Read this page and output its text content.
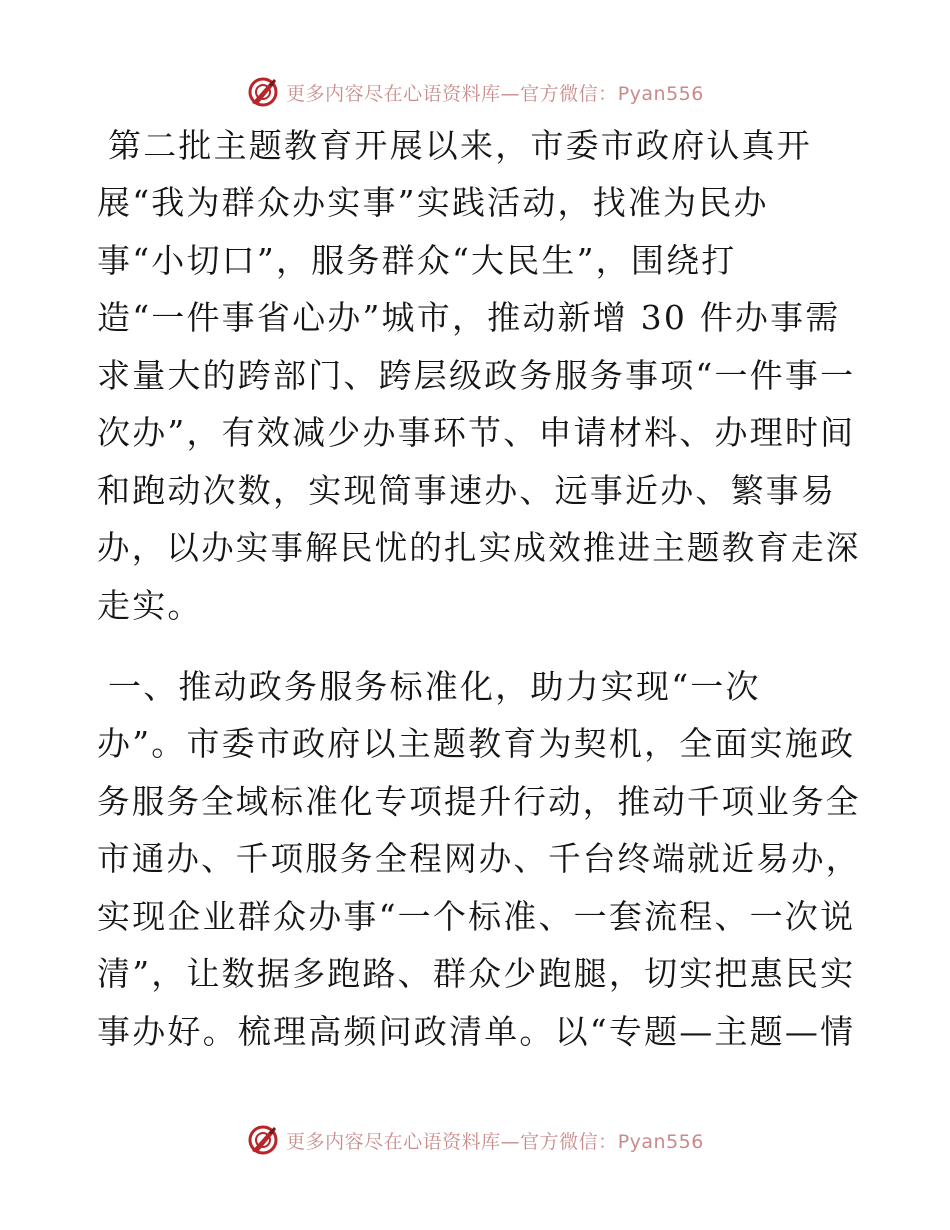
更多内容尽在心语资料库—官方微信：Pyan556
第二批主题教育开展以来，市委市政府认真开
展“我为群众办实事”实践活动，找准为民办
事“小切口”，服务群众“大民生”，围绕打
造“一件事省心办”城市，推动新增 30 件办事需
求量大的跨部门、跨层级政务服务事项“一件事一
次办”，有效减少办事环节、申请材料、办理时间
和跑动次数，实现简事速办、远事近办、繁事易
办，以办实事解民忧的扎实成效推进主题教育走深
走实。
一、推动政务服务标准化，助力实现“一次
办”。市委市政府以主题教育为契机，全面实施政
务服务全域标准化专项提升行动，推动千项业务全
市通办、千项服务全程网办、千台终端就近易办，
实现企业群众办事“一个标准、一套流程、一次说
清”，让数据多跑路、群众少跑腿，切实把惠民实
事办好。梳理高频问政清单。以“专题—主题—情
更多内容尽在心语资料库—官方微信：Pyan556
